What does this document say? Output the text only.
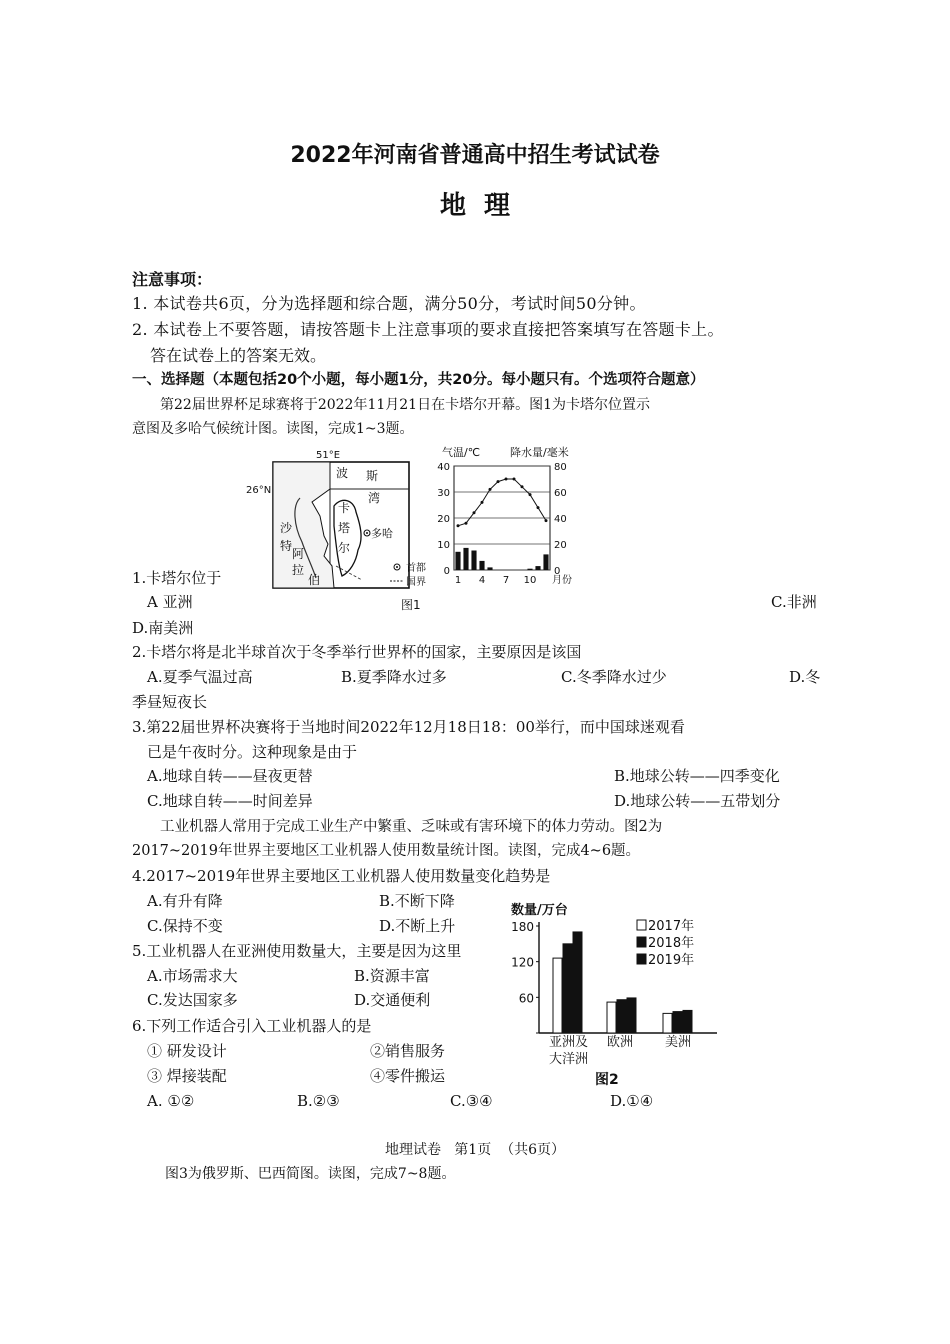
2022年河南省普通高中招生考试试卷
地  理
注意事项：
1. 本试卷共6页，分为选择题和综合题，满分50分，考试时间50分钟。
2. 本试卷上不要答题，请按答题卡上注意事项的要求直接把答案填写在答题卡上。
答在试卷上的答案无效。
一、选择题（本题包括20个小题，每小题1分，共20分。每小题只有。个选项符合题意）
第22届世界杯足球赛将于2022年11月21日在卡塔尔开幕。图1为卡塔尔位置示
意图及多哈气候统计图。读图，完成1~3题。
51°E
26°N
波 斯
湾
卡
塔
尔
多哈
沙
特
阿
拉
伯
首都
国界
图1
气温/℃	降水量/毫米
40	80
30	60
20	40
10	20
0	0
1 4 7 10 月份
1.卡塔尔位于
A 亚洲	C.非洲
D.南美洲
2.卡塔尔将是北半球首次于冬季举行世界杯的国家，主要原因是该国
A.夏季气温过高	B.夏季降水过多	C.冬季降水过少	D.冬
季昼短夜长
3.第22届世界杯决赛将于当地时间2022年12月18日18：00举行，而中国球迷观看
已是午夜时分。这种现象是由于
A.地球自转——昼夜更替	B.地球公转——四季变化
C.地球自转——时间差异	D.地球公转——五带划分
工业机器人常用于完成工业生产中繁重、乏味或有害环境下的体力劳动。图2为
2017~2019年世界主要地区工业机器人使用数量统计图。读图，完成4~6题。
4.2017~2019年世界主要地区工业机器人使用数量变化趋势是
A.有升有降	B.不断下降
C.保持不变	D.不断上升
5.工业机器人在亚洲使用数量大，主要是因为这里
A.市场需求大	B.资源丰富
C.发达国家多	D.交通便利
6.下列工作适合引入工业机器人的是
① 研发设计	②销售服务
③ 焊接装配	④零件搬运
A. ①②	B.②③	C.③④	D.①④
数量/万台
60
120
180	2017年
2018年
2019年
亚洲及
大洋洲
欧洲 美洲
图2
地理试卷   第1页  （共6页）
图3为俄罗斯、巴西简图。读图，完成7~8题。
